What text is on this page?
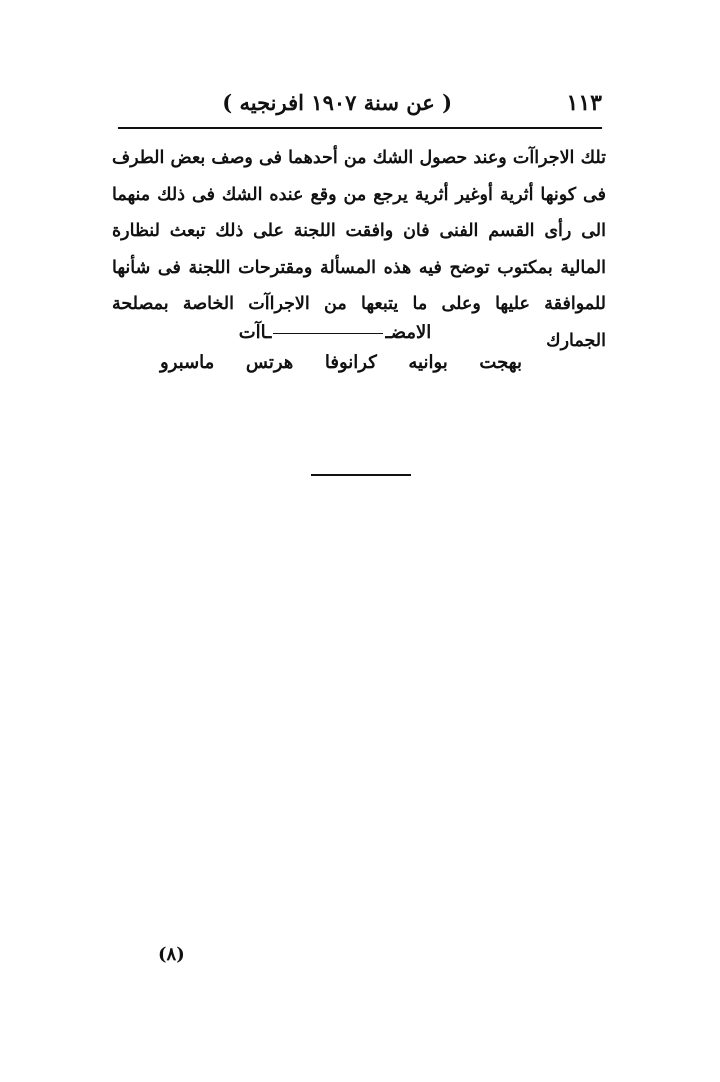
١١٣
( عن سنة ١٩٠٧ افرنجيه )

تلك الاجراآت وعند حصول الشك من أحدهما فى وصف بعض الطرف فى كونها أثرية أوغير أثرية يرجع من وقع عنده الشك فى ذلك منهما الى رأى القسم الفنى فان وافقت اللجنة على ذلك تبعث لنظارة المالية بمكتوب توضح فيه هذه المسألة ومقترحات اللجنة فى شأنها للموافقة عليها وعلى ما يتبعها من الاجراآت الخاصة بمصلحة الجمارك

الامضــاآت
بهجت
بوانيه
كرانوفا
هرتس
ماسبرو
(٨)
